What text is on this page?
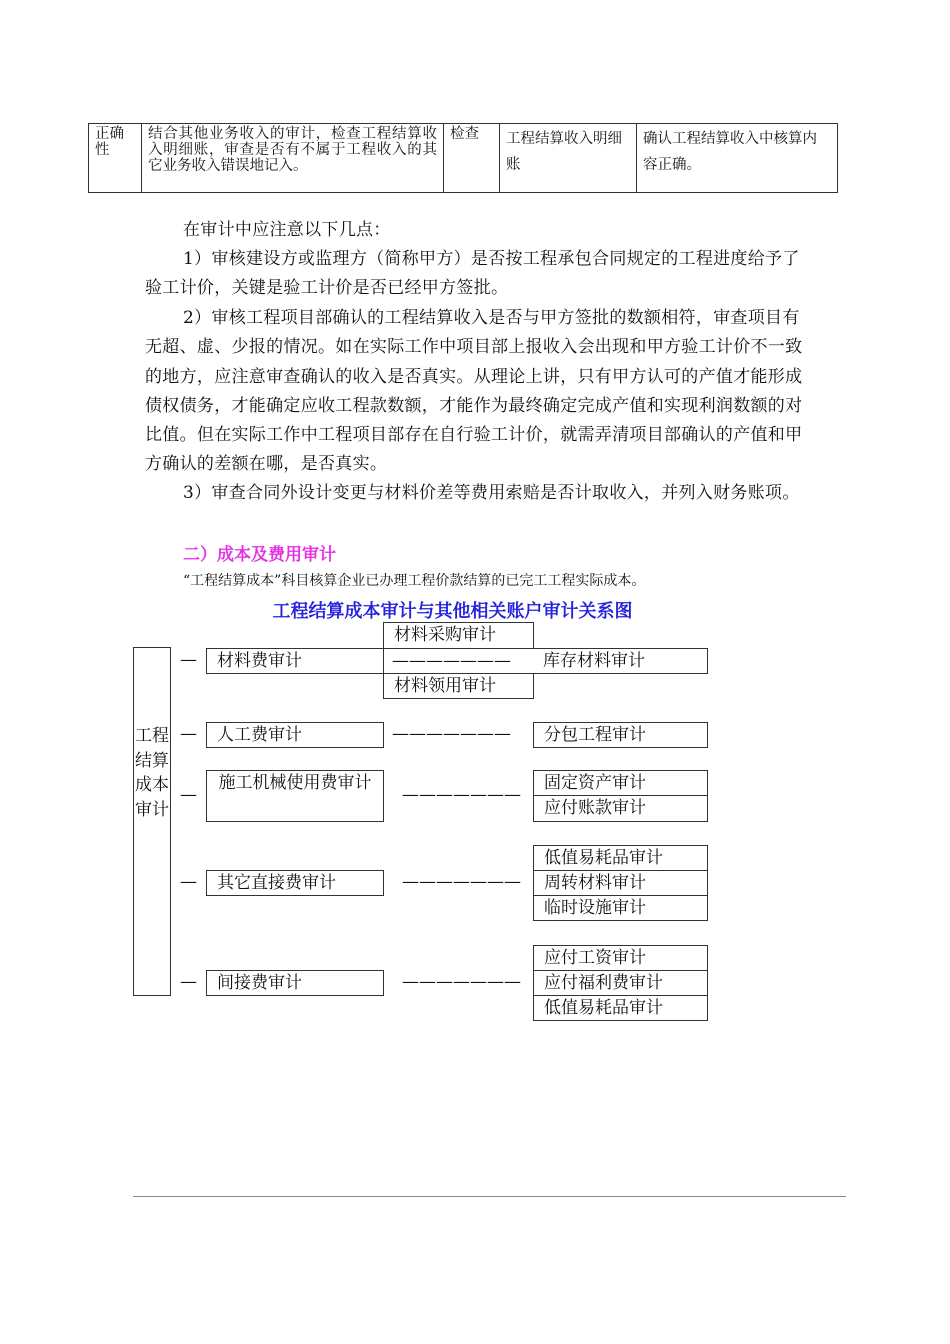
正确性	结合其他业务收入的审计，检查工程结算收入明细账，审查是否有不属于工程收入的其它业务收入错误地记入。	检查	工程结算收入明细账	确认工程结算收入中核算内容正确。
在审计中应注意以下几点：
1）审核建设方或监理方（简称甲方）是否按工程承包合同规定的工程进度给予了验工计价，关键是验工计价是否已经甲方签批。
2）审核工程项目部确认的工程结算收入是否与甲方签批的数额相符，审查项目有无超、虚、少报的情况。如在实际工作中项目部上报收入会出现和甲方验工计价不一致的地方，应注意审查确认的收入是否真实。从理论上讲，只有甲方认可的产值才能形成债权债务，才能确定应收工程款数额，才能作为最终确定完成产值和实现利润数额的对比值。但在实际工作中工程项目部存在自行验工计价，就需弄清项目部确认的产值和甲方确认的差额在哪，是否真实。
3）审查合同外设计变更与材料价差等费用索赔是否计取收入，并列入财务账项。
二）成本及费用审计
“工程结算成本”科目核算企业已办理工程价款结算的已完工工程实际成本。
工程结算成本审计与其他相关账户审计关系图
工程结算成本审计
—
—
—
—
—
材料费审计
人工费审计
施工机械使用费审计
其它直接费审计
间接费审计
材料采购审计
——————— 库存材料审计
材料领用审计
———————
———————
———————
———————
分包工程审计
固定资产审计
应付账款审计
低值易耗品审计
周转材料审计
临时设施审计
应付工资审计
应付福利费审计
低值易耗品审计
